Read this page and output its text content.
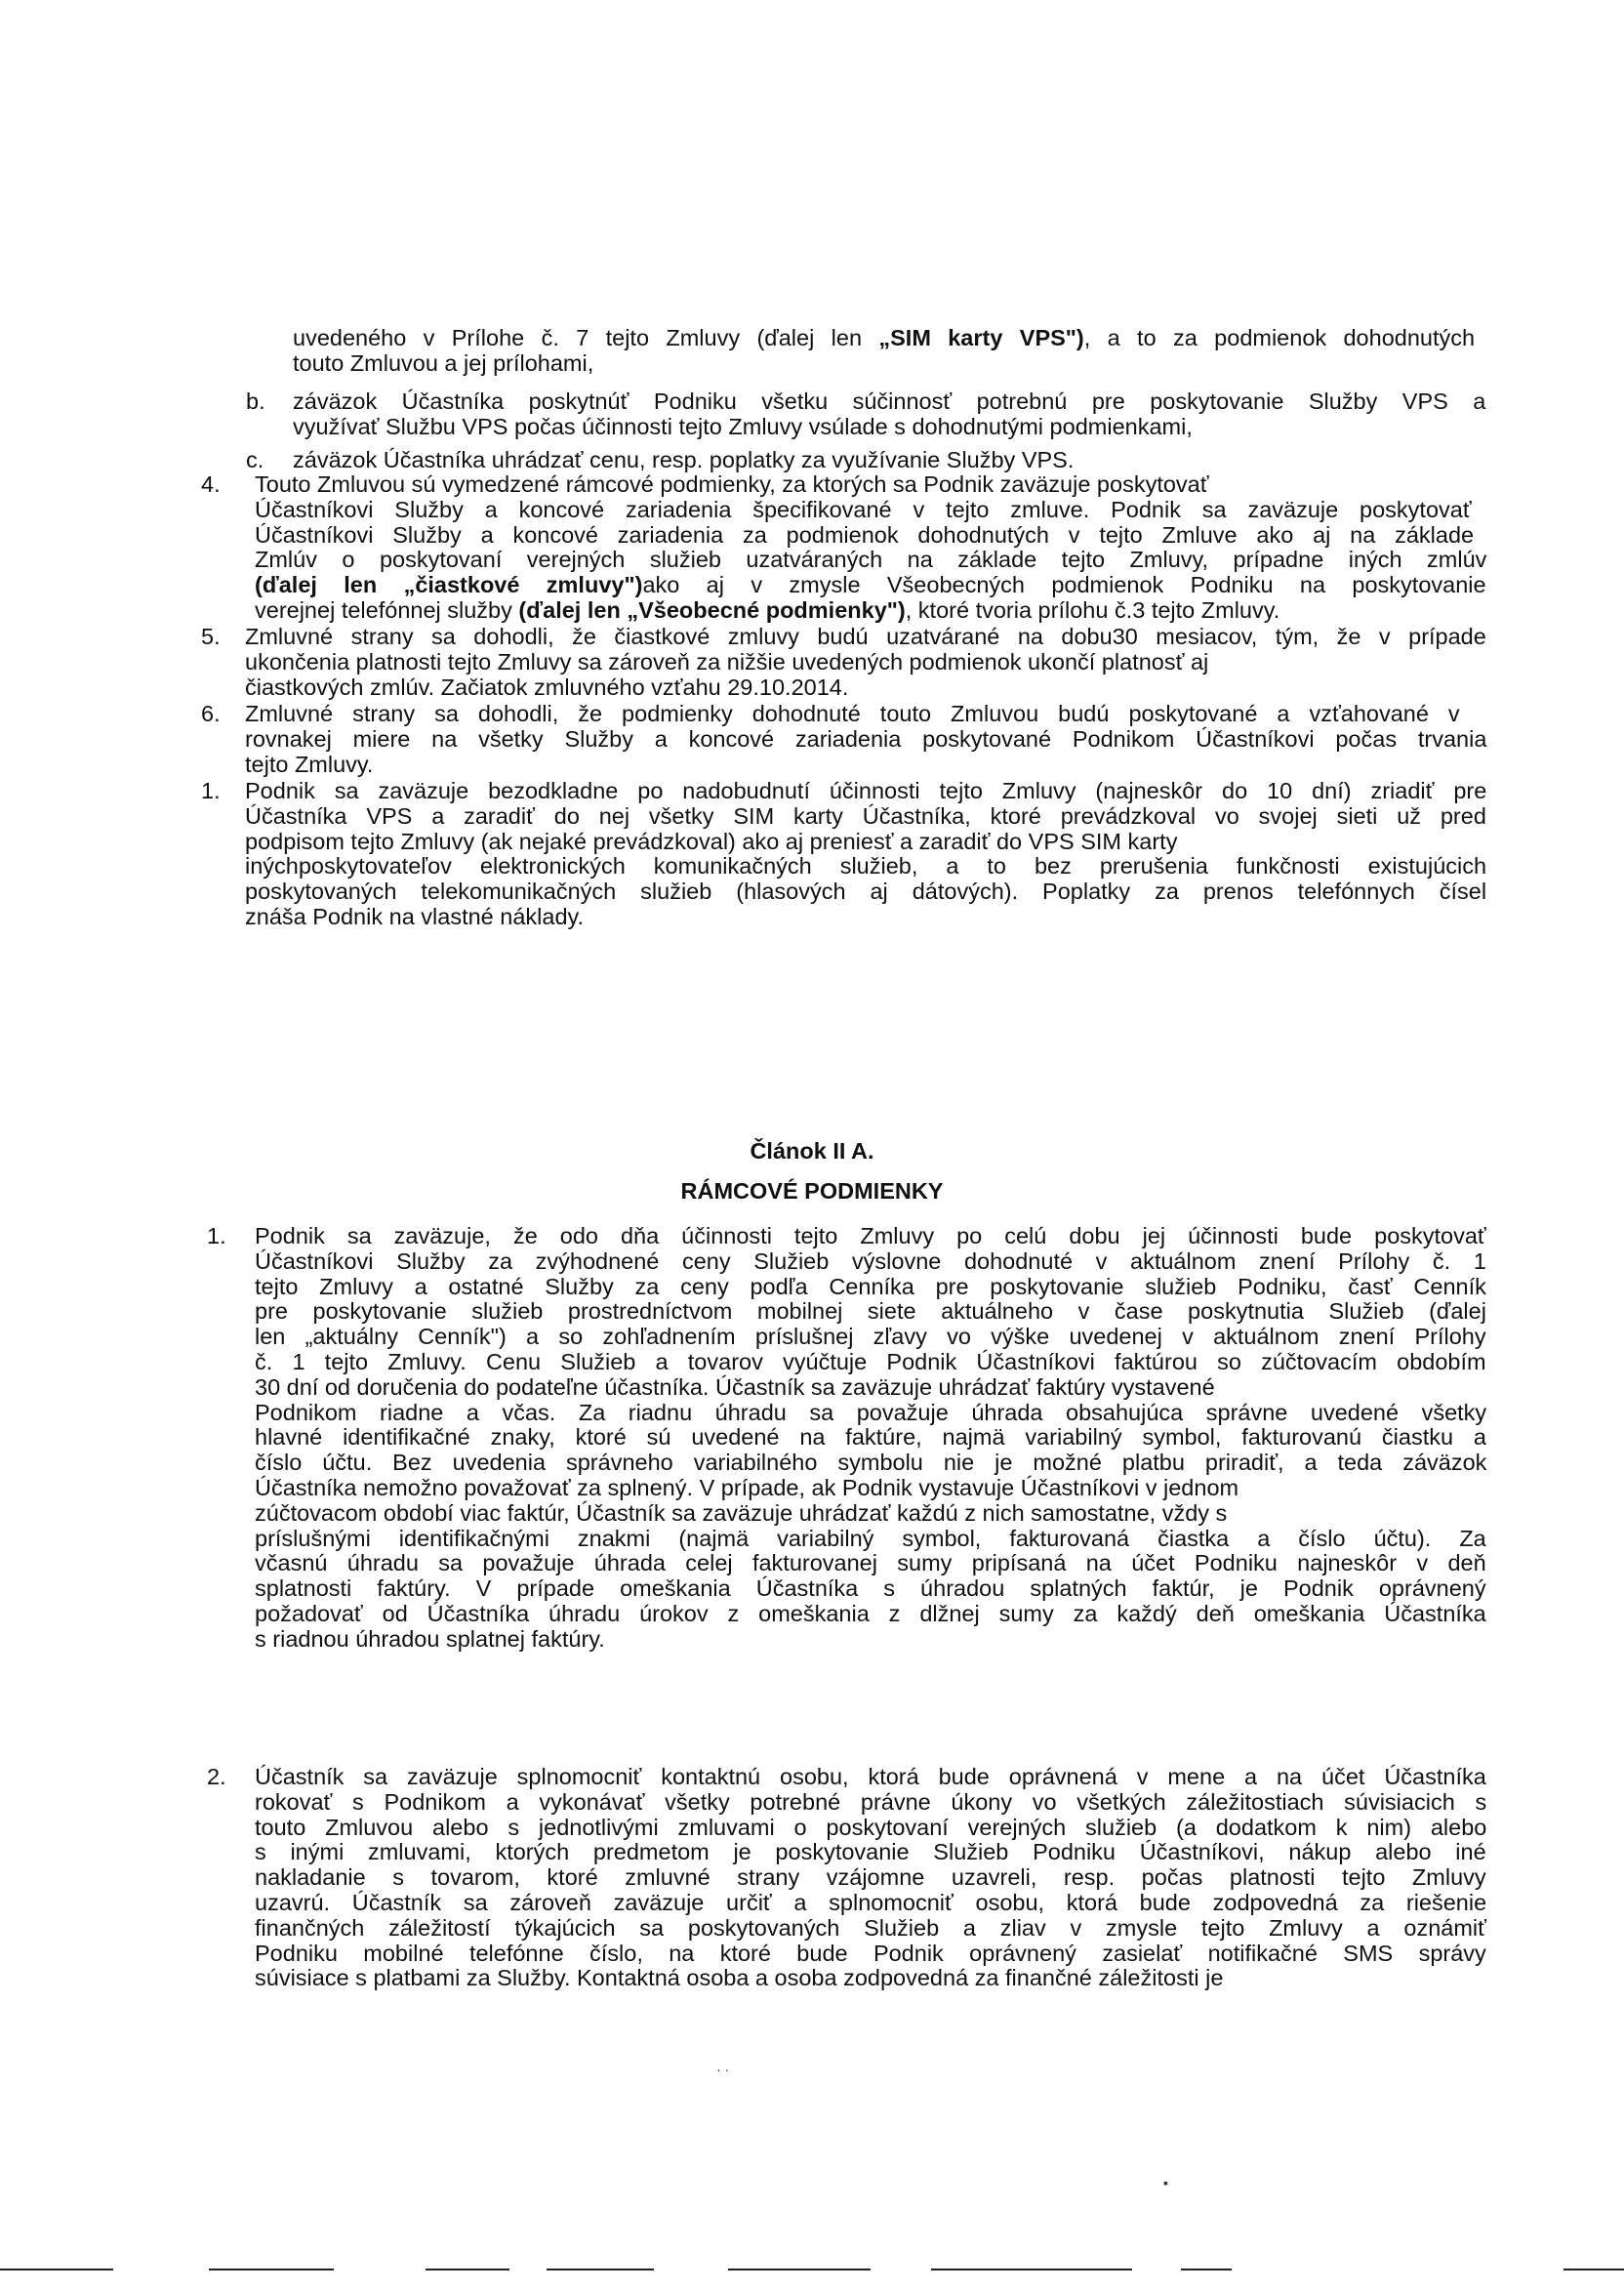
uvedeného v Prílohe č. 7 tejto Zmluvy (ďalej len „SIM karty VPS"), a to za podmienok dohodnutých
touto Zmluvou a jej prílohami,
b. záväzok Účastníka poskytnúť Podniku všetku súčinnosť potrebnú pre poskytovanie Služby VPS a
využívať Službu VPS počas účinnosti tejto Zmluvy vsúlade s dohodnutými podmienkami,
c. záväzok Účastníka uhrádzať cenu, resp. poplatky za využívanie Služby VPS.
4. Touto Zmluvou sú vymedzené rámcové podmienky, za ktorých sa Podnik zaväzuje poskytovať
Účastníkovi Služby a koncové zariadenia špecifikované v tejto zmluve. Podnik sa zaväzuje poskytovať
Účastníkovi Služby a koncové zariadenia za podmienok dohodnutých v tejto Zmluve ako aj na základe
Zmlúv o poskytovaní verejných služieb uzatváraných na základe tejto Zmluvy, prípadne iných zmlúv
(ďalej len „čiastkové zmluvy")ako aj v zmysle Všeobecných podmienok Podniku na poskytovanie
verejnej telefónnej služby (ďalej len „Všeobecné podmienky"), ktoré tvoria prílohu č.3 tejto Zmluvy.
5. Zmluvné strany sa dohodli, že čiastkové zmluvy budú uzatvárané na dobu30 mesiacov, tým, že v prípade
ukončenia platnosti tejto Zmluvy sa zároveň za nižšie uvedených podmienok ukončí platnosť aj
čiastkových zmlúv. Začiatok zmluvného vzťahu 29.10.2014.
6. Zmluvné strany sa dohodli, že podmienky dohodnuté touto Zmluvou budú poskytované a vzťahované v
rovnakej miere na všetky Služby a koncové zariadenia poskytované Podnikom Účastníkovi počas trvania
tejto Zmluvy.
1. Podnik sa zaväzuje bezodkladne po nadobudnutí účinnosti tejto Zmluvy (najneskôr do 10 dní) zriadiť pre
Účastníka VPS a zaradiť do nej všetky SIM karty Účastníka, ktoré prevádzkoval vo svojej sieti už pred
podpisom tejto Zmluvy (ak nejaké prevádzkoval) ako aj preniesť a zaradiť do VPS SIM karty
inýchposkytovateľov elektronických komunikačných služieb, a to bez prerušenia funkčnosti existujúcich
poskytovaných telekomunikačných služieb (hlasových aj dátových). Poplatky za prenos telefónnych čísel
znáša Podnik na vlastné náklady.
Článok II A.
RÁMCOVÉ PODMIENKY
1. Podnik sa zaväzuje, že odo dňa účinnosti tejto Zmluvy po celú dobu jej účinnosti bude poskytovať
Účastníkovi Služby za zvýhodnené ceny Služieb výslovne dohodnuté v aktuálnom znení Prílohy č. 1
tejto Zmluvy a ostatné Služby za ceny podľa Cenníka pre poskytovanie služieb Podniku, časť Cenník
pre poskytovanie služieb prostredníctvom mobilnej siete aktuálneho v čase poskytnutia Služieb (ďalej
len „aktuálny Cenník") a so zohľadnením príslušnej zľavy vo výške uvedenej v aktuálnom znení Prílohy
č. 1 tejto Zmluvy. Cenu Služieb a tovarov vyúčtuje Podnik Účastníkovi faktúrou so zúčtovacím obdobím
30 dní od doručenia do podateľne účastníka. Účastník sa zaväzuje uhrádzať faktúry vystavené
Podnikom riadne a včas. Za riadnu úhradu sa považuje úhrada obsahujúca správne uvedené všetky
hlavné identifikačné znaky, ktoré sú uvedené na faktúre, najmä variabilný symbol, fakturovanú čiastku a
číslo účtu. Bez uvedenia správneho variabilného symbolu nie je možné platbu priradiť, a teda záväzok
Účastníka nemožno považovať za splnený. V prípade, ak Podnik vystavuje Účastníkovi v jednom
zúčtovacom období viac faktúr, Účastník sa zaväzuje uhrádzať každú z nich samostatne, vždy s
príslušnými identifikačnými znakmi (najmä variabilný symbol, fakturovaná čiastka a číslo účtu). Za
včasnú úhradu sa považuje úhrada celej fakturovanej sumy pripísaná na účet Podniku najneskôr v deň
splatnosti faktúry. V prípade omeškania Účastníka s úhradou splatných faktúr, je Podnik oprávnený
požadovať od Účastníka úhradu úrokov z omeškania z dlžnej sumy za každý deň omeškania Účastníka
s riadnou úhradou splatnej faktúry.
2. Účastník sa zaväzuje splnomocniť kontaktnú osobu, ktorá bude oprávnená v mene a na účet Účastníka
rokovať s Podnikom a vykonávať všetky potrebné právne úkony vo všetkých záležitostiach súvisiacich s
touto Zmluvou alebo s jednotlivými zmluvami o poskytovaní verejných služieb (a dodatkom k nim) alebo
s inými zmluvami, ktorých predmetom je poskytovanie Služieb Podniku Účastníkovi, nákup alebo iné
nakladanie s tovarom, ktoré zmluvné strany vzájomne uzavreli, resp. počas platnosti tejto Zmluvy
uzavrú. Účastník sa zároveň zaväzuje určiť a splnomocniť osobu, ktorá bude zodpovedná za riešenie
finančných záležitostí týkajúcich sa poskytovaných Služieb a zliav v zmysle tejto Zmluvy a oznámiť
Podniku mobilné telefónne číslo, na ktoré bude Podnik oprávnený zasielať notifikačné SMS správy
súvisiace s platbami za Služby. Kontaktná osoba a osoba zodpovedná za finančné záležitosti je
· ·
▪
